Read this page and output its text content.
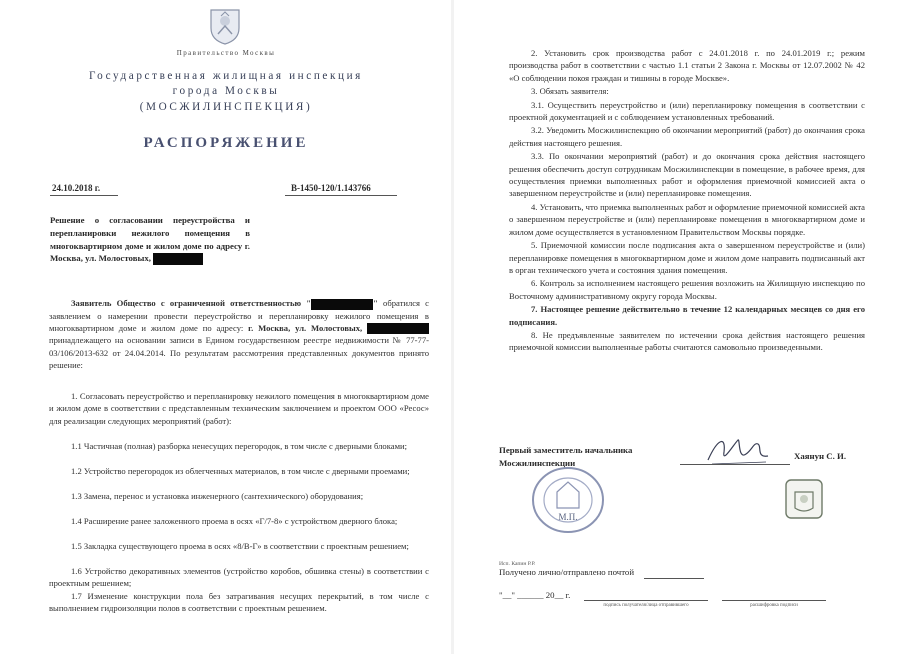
Правительство Москвы
Государственная жилищная инспекция
города Москвы
(МОСЖИЛИНСПЕКЦИЯ)
РАСПОРЯЖЕНИЕ
24.10.2018 г.	В-1450-120/1.143766
Решение о согласовании переустройства и перепланировки нежилого помещения в многоквартирном доме и жилом доме по адресу г. Москва, ул. Молостовых,

Заявитель Общество с ограниченной ответственностью "	" обратился с заявлением о намерении провести переустройство и перепланировку нежилого помещения в многоквартирном доме и жилом доме по адресу: г. Москва, ул. Молостовых,  принадлежащего на основании записи в Едином государственном реестре недвижимости № 77-77-03/106/2013-632 от 24.04.2014. По результатам рассмотрения представленных документов принято решение:

1. Согласовать переустройство и перепланировку нежилого помещения в многоквартирном доме и жилом доме в соответствии с представленным техническим заключением и проектом ООО «Ресос» для реализации следующих мероприятий (работ):

1.1 Частичная (полная) разборка ненесущих перегородок, в том числе с дверными блоками;
1.2 Устройство перегородок из облегченных материалов, в том числе с дверными проемами;
1.3 Замена, перенос и установка инженерного (сантехнического) оборудования;
1.4 Расширение ранее заложенного проема в осях «Г/7-8» с устройством дверного блока;
1.5 Закладка существующего проема в осях «8/В-Г» в соответствии с проектным решением;
1.6 Устройство декоративных элементов (устройство коробов, обшивка стены) в соответствии с проектным решением;
1.7 Изменение конструкции пола без затрагивания несущих перекрытий, в том числе с выполнением гидроизоляции полов в соответствии с проектным решением.

2. Установить срок производства работ с 24.01.2018 г. по 24.01.2019 г.; режим производства работ в соответствии с частью 1.1 статьи 2 Закона г. Москвы от 12.07.2002 № 42 «О соблюдении покоя граждан и тишины в городе Москве».

3. Обязать заявителя:

3.1. Осуществить переустройство и (или) перепланировку помещения в соответствии с проектной документацией и с соблюдением установленных требований.

3.2. Уведомить Мосжилинспекцию об окончании мероприятий (работ) до окончания срока действия настоящего решения.

3.3. По окончании мероприятий (работ) и до окончания срока действия настоящего решения обеспечить доступ сотрудникам Мосжилинспекции в помещение, в рабочее время, для осуществления приемки выполненных работ и оформления приемочной комиссией акта о завершенном переустройстве и (или) перепланировке помещения.

4. Установить, что приемка выполненных работ и оформление приемочной комиссией акта о завершенном переустройстве и (или) перепланировке помещения в многоквартирном доме и жилом доме осуществляется в установленном Правительством Москвы порядке.

5. Приемочной комиссии после подписания акта о завершенном переустройстве и (или) перепланировке помещения в многоквартирном доме и жилом доме направить подписанный акт в орган технического учета и состояния здания помещения.

6. Контроль за исполнением настоящего решения возложить на Жилищную инспекцию по Восточному административному округу города Москвы.

7. Настоящее решение действительно в течение 12 календарных месяцев со дня его подписания.

8. Не предъявленные заявителем по истечении срока действия настоящего решения приемочной комиссии выполненные работы считаются самовольно произведенными.

Первый заместитель начальника
Мосжилинспекции
Хаянун С. И.
М.П.
Исп. Капин Р.Р.
Получено лично/отправлено почтой
"__" ______ 20__ г.
подпись получателя/лица отправившего	расшифровка подписи
